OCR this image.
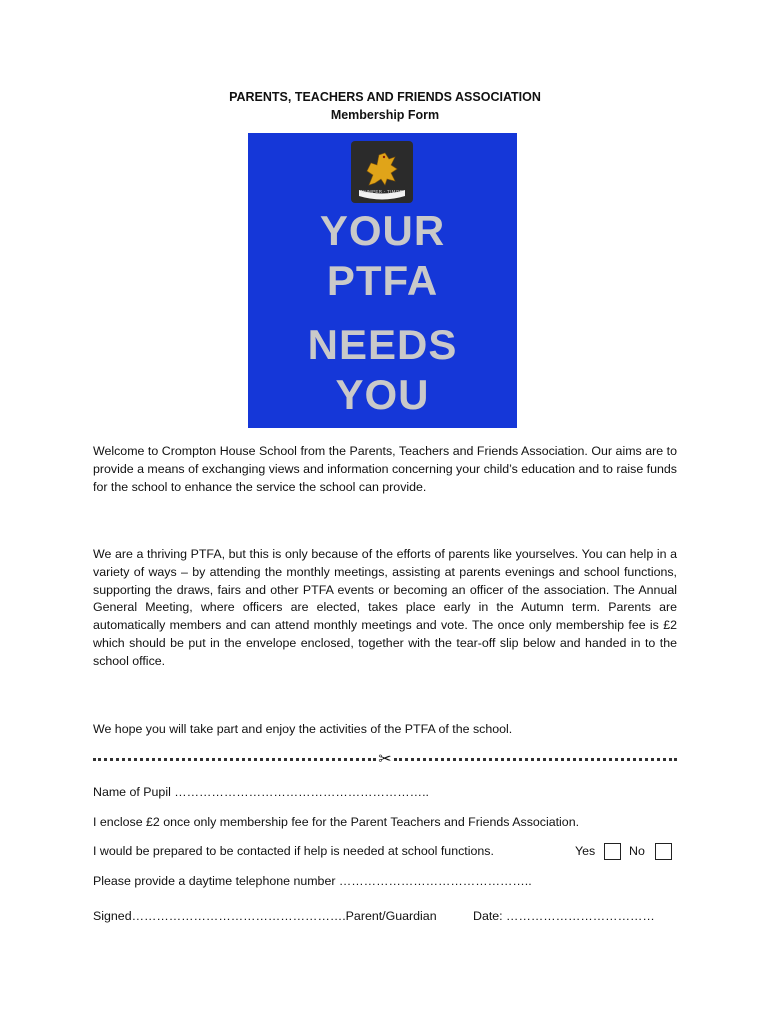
PARENTS, TEACHERS AND FRIENDS ASSOCIATION
Membership Form
NUMPER - TIMOR
YOUR
PTFA
NEEDS
YOU
Welcome to Crompton House School from the Parents, Teachers and Friends Association. Our aims are to provide a means of exchanging views and information concerning your child’s education and to raise funds for the school to enhance the service the school can provide.
We are a thriving PTFA, but this is only because of the efforts of parents like yourselves. You can help in a variety of ways – by attending the monthly meetings, assisting at parents evenings and school functions, supporting the draws, fairs and other PTFA events or becoming an officer of the association. The Annual General Meeting, where officers are elected, takes place early in the Autumn term. Parents are automatically members and can attend monthly meetings and vote. The once only membership fee is £2 which should be put in the envelope enclosed, together with the tear-off slip below and handed in to the school office.
We hope you will take part and enjoy the activities of the PTFA of the school.
✂
Name of Pupil ……………………………………………………..
I enclose £2 once only membership fee for the Parent Teachers and Friends Association.
I would be prepared to be contacted if help is needed at school functions.	Yes	No
Please provide a daytime telephone number ………………………………………..
Signed…………………………………………….Parent/Guardian	Date: ………………………………
